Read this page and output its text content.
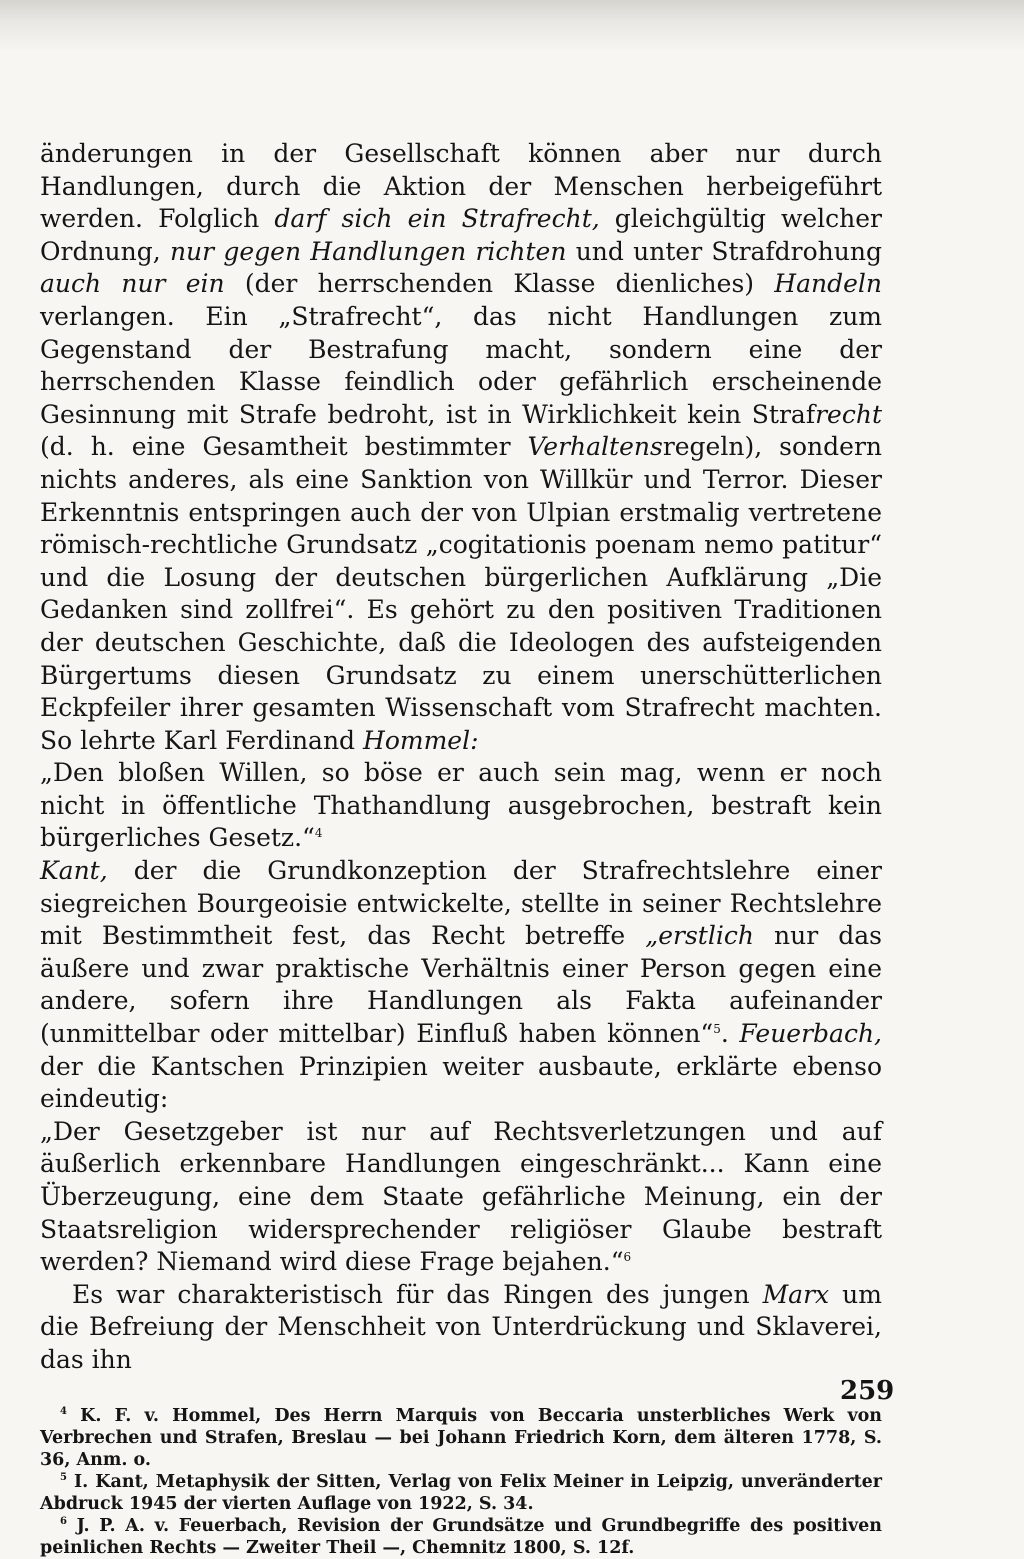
änderungen in der Gesellschaft können aber nur durch Handlungen, durch die Aktion der Menschen herbeigeführt werden. Folglich darf sich ein Strafrecht, gleichgültig welcher Ordnung, nur gegen Handlungen richten und unter Strafdrohung auch nur ein (der herrschenden Klasse dienliches) Handeln verlangen. Ein „Strafrecht“, das nicht Handlungen zum Gegenstand der Bestrafung macht, sondern eine der herrschenden Klasse feindlich oder gefährlich erscheinende Gesinnung mit Strafe bedroht, ist in Wirklichkeit kein Strafrecht (d. h. eine Gesamtheit bestimmter Verhaltensregeln), sondern nichts anderes, als eine Sanktion von Willkür und Terror. Dieser Erkenntnis entspringen auch der von Ulpian erstmalig vertretene römisch-rechtliche Grundsatz „cogitationis poenam nemo patitur“ und die Losung der deutschen bürgerlichen Aufklärung „Die Gedanken sind zollfrei“. Es gehört zu den positiven Traditionen der deutschen Geschichte, daß die Ideologen des aufsteigenden Bürgertums diesen Grundsatz zu einem unerschütterlichen Eckpfeiler ihrer gesamten Wissenschaft vom Strafrecht machten. So lehrte Karl Ferdinand Hommel:

„Den bloßen Willen, so böse er auch sein mag, wenn er noch nicht in öffentliche Thathandlung ausgebrochen, bestraft kein bürgerliches Gesetz.“$^4$

Kant, der die Grundkonzeption der Strafrechtslehre einer siegreichen Bourgeoisie entwickelte, stellte in seiner Rechtslehre mit Bestimmtheit fest, das Recht betreffe „erstlich nur das äußere und zwar praktische Verhältnis einer Person gegen eine andere, sofern ihre Handlungen als Fakta aufeinander (unmittelbar oder mittelbar) Einfluß haben können“$^5$. Feuerbach, der die Kantschen Prinzipien weiter ausbaute, erklärte ebenso eindeutig:

„Der Gesetzgeber ist nur auf Rechtsverletzungen und auf äußerlich erkennbare Handlungen eingeschränkt... Kann eine Überzeugung, eine dem Staate gefährliche Meinung, ein der Staatsreligion widersprechender religiöser Glaube bestraft werden? Niemand wird diese Frage bejahen.“$^6$

Es war charakteristisch für das Ringen des jungen Marx um die Befreiung der Menschheit von Unterdrückung und Sklaverei, das ihn

$^4$ K. F. v. Hommel, Des Herrn Marquis von Beccaria unsterbliches Werk von Verbrechen und Strafen, Breslau — bei Johann Friedrich Korn, dem älteren 1778, S. 36, Anm. o.

$^5$ I. Kant, Metaphysik der Sitten, Verlag von Felix Meiner in Leipzig, unveränderter Abdruck 1945 der vierten Auflage von 1922, S. 34.

$^6$ J. P. A. v. Feuerbach, Revision der Grundsätze und Grundbegriffe des positiven peinlichen Rechts — Zweiter Theil —, Chemnitz 1800, S. 12f.

259
